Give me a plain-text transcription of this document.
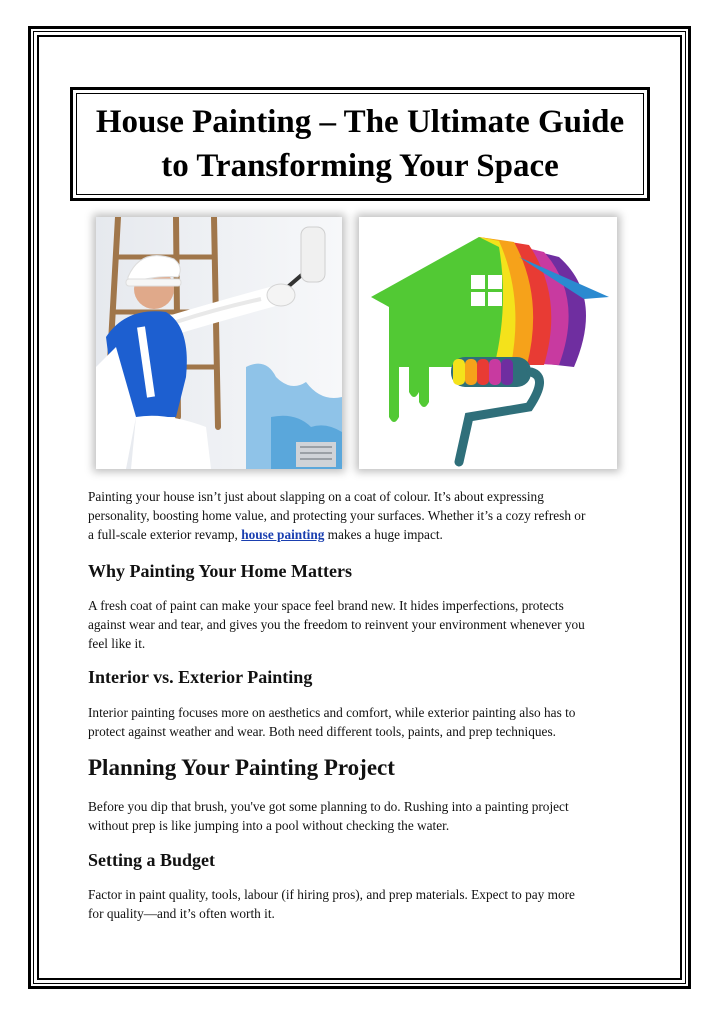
House Painting – The Ultimate Guide
to Transforming Your Space

Painting your house isn’t just about slapping on a coat of colour. It’s about expressing

personality, boosting home value, and protecting your surfaces. Whether it’s a cozy refresh or

a full-scale exterior revamp, house painting makes a huge impact.

Why Painting Your Home Matters

A fresh coat of paint can make your space feel brand new. It hides imperfections, protects

against wear and tear, and gives you the freedom to reinvent your environment whenever you

feel like it.

Interior vs. Exterior Painting

Interior painting focuses more on aesthetics and comfort, while exterior painting also has to

protect against weather and wear. Both need different tools, paints, and prep techniques.

Planning Your Painting Project

Before you dip that brush, you've got some planning to do. Rushing into a painting project

without prep is like jumping into a pool without checking the water.

Setting a Budget

Factor in paint quality, tools, labour (if hiring pros), and prep materials. Expect to pay more

for quality—and it’s often worth it.
